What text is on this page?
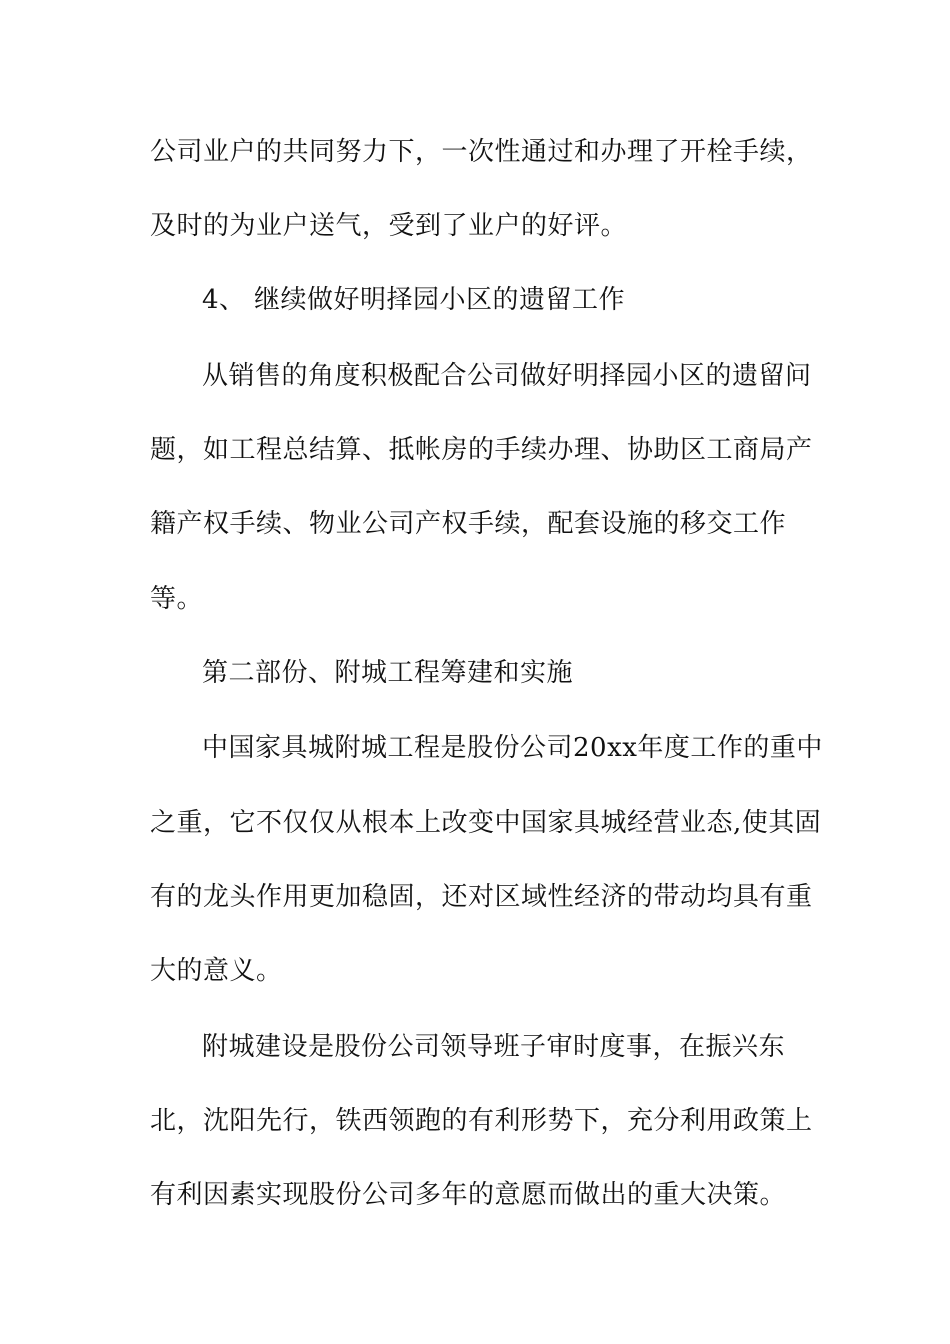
公司业户的共同努力下，一次性通过和办理了开栓手续，
及时的为业户送气，受到了业户的好评。
4、 继续做好明择园小区的遗留工作
从销售的角度积极配合公司做好明择园小区的遗留问
题，如工程总结算、抵帐房的手续办理、协助区工商局产
籍产权手续、物业公司产权手续，配套设施的移交工作
等。
第二部份、附城工程筹建和实施
中国家具城附城工程是股份公司20xx年度工作的重中
之重，它不仅仅从根本上改变中国家具城经营业态,使其固
有的龙头作用更加稳固，还对区域性经济的带动均具有重
大的意义。
附城建设是股份公司领导班子审时度事，在振兴东
北，沈阳先行，铁西领跑的有利形势下，充分利用政策上
有利因素实现股份公司多年的意愿而做出的重大决策。
